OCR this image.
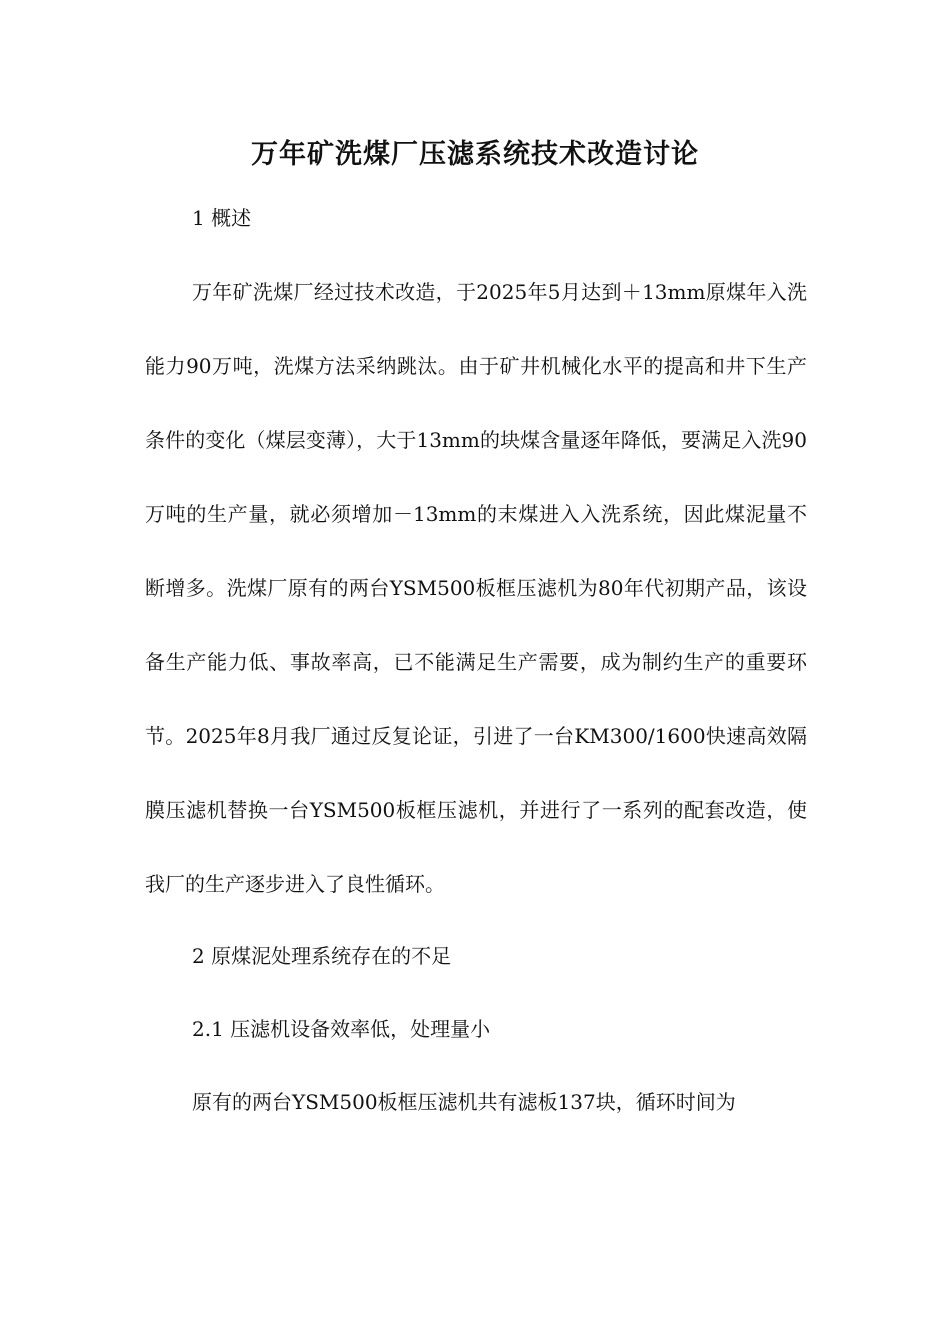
万年矿洗煤厂压滤系统技术改造讨论
1 概述
万年矿洗煤厂经过技术改造，于2025年5月达到＋13mm原煤年入洗能力90万吨，洗煤方法采纳跳汰。由于矿井机械化水平的提高和井下生产条件的变化（煤层变薄），大于13mm的块煤含量逐年降低，要满足入洗90万吨的生产量，就必须增加－13mm的末煤进入入洗系统，因此煤泥量不断增多。洗煤厂原有的两台YSM500板框压滤机为80年代初期产品，该设备生产能力低、事故率高，已不能满足生产需要，成为制约生产的重要环节。2025年8月我厂通过反复论证，引进了一台KM300/1600快速高效隔膜压滤机替换一台YSM500板框压滤机，并进行了一系列的配套改造，使我厂的生产逐步进入了良性循环。
2 原煤泥处理系统存在的不足
2.1 压滤机设备效率低，处理量小
原有的两台YSM500板框压滤机共有滤板137块，循环时间为
